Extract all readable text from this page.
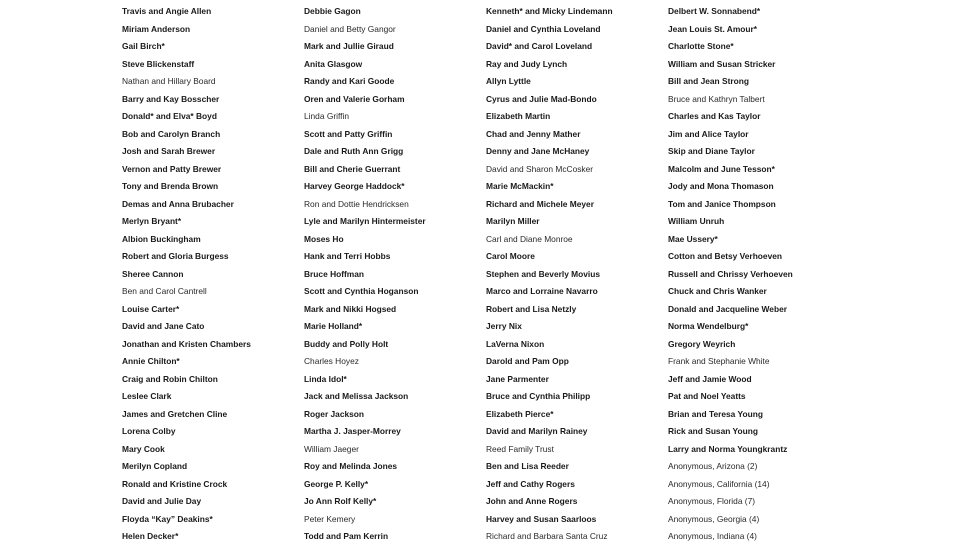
Travis and Angie Allen
Miriam Anderson
Gail Birch*
Steve Blickenstaff
Nathan and Hillary Board
Barry and Kay Bosscher
Donald* and Elva* Boyd
Bob and Carolyn Branch
Josh and Sarah Brewer
Vernon and Patty Brewer
Tony and Brenda Brown
Demas and Anna Brubacher
Merlyn Bryant*
Albion Buckingham
Robert and Gloria Burgess
Sheree Cannon
Ben and Carol Cantrell
Louise Carter*
David and Jane Cato
Jonathan and Kristen Chambers
Annie Chilton*
Craig and Robin Chilton
Leslee Clark
James and Gretchen Cline
Lorena Colby
Mary Cook
Merilyn Copland
Ronald and Kristine Crock
David and Julie Day
Floyda “Kay” Deakins*
Helen Decker*
Debbie Gagon
Daniel and Betty Gangor
Mark and Jullie Giraud
Anita Glasgow
Randy and Kari Goode
Oren and Valerie Gorham
Linda Griffin
Scott and Patty Griffin
Dale and Ruth Ann Grigg
Bill and Cherie Guerrant
Harvey George Haddock*
Ron and Dottie Hendricksen
Lyle and Marilyn Hintermeister
Moses Ho
Hank and Terri Hobbs
Bruce Hoffman
Scott and Cynthia Hoganson
Mark and Nikki Hogsed
Marie Holland*
Buddy and Polly Holt
Charles Hoyez
Linda Idol*
Jack and Melissa Jackson
Roger Jackson
Martha J. Jasper-Morrey
William Jaeger
Roy and Melinda Jones
George P. Kelly*
Jo Ann Rolf Kelly*
Peter Kemery
Todd and Pam Kerrin
Kenneth* and Micky Lindemann
Daniel and Cynthia Loveland
David* and Carol Loveland
Ray and Judy Lynch
Allyn Lyttle
Cyrus and Julie Mad-Bondo
Elizabeth Martin
Chad and Jenny Mather
Denny and Jane McHaney
David and Sharon McCosker
Marie McMackin*
Richard and Michele Meyer
Marilyn Miller
Carl and Diane Monroe
Carol Moore
Stephen and Beverly Movius
Marco and Lorraine Navarro
Robert and Lisa Netzly
Jerry Nix
LaVerna Nixon
Darold and Pam Opp
Jane Parmenter
Bruce and Cynthia Philipp
Elizabeth Pierce*
David and Marilyn Rainey
Reed Family Trust
Ben and Lisa Reeder
Jeff and Cathy Rogers
John and Anne Rogers
Harvey and Susan Saarloos
Richard and Barbara Santa Cruz
Delbert W. Sonnabend*
Jean Louis St. Amour*
Charlotte Stone*
William and Susan Stricker
Bill and Jean Strong
Bruce and Kathryn Talbert
Charles and Kas Taylor
Jim and Alice Taylor
Skip and Diane Taylor
Malcolm and June Tesson*
Jody and Mona Thomason
Tom and Janice Thompson
William Unruh
Mae Ussery*
Cotton and Betsy Verhoeven
Russell and Chrissy Verhoeven
Chuck and Chris Wanker
Donald and Jacqueline Weber
Norma Wendelburg*
Gregory Weyrich
Frank and Stephanie White
Jeff and Jamie Wood
Pat and Noel Yeatts
Brian and Teresa Young
Rick and Susan Young
Larry and Norma Youngkrantz
Anonymous, Arizona (2)
Anonymous, California (14)
Anonymous, Florida (7)
Anonymous, Georgia (4)
Anonymous, Indiana (4)
